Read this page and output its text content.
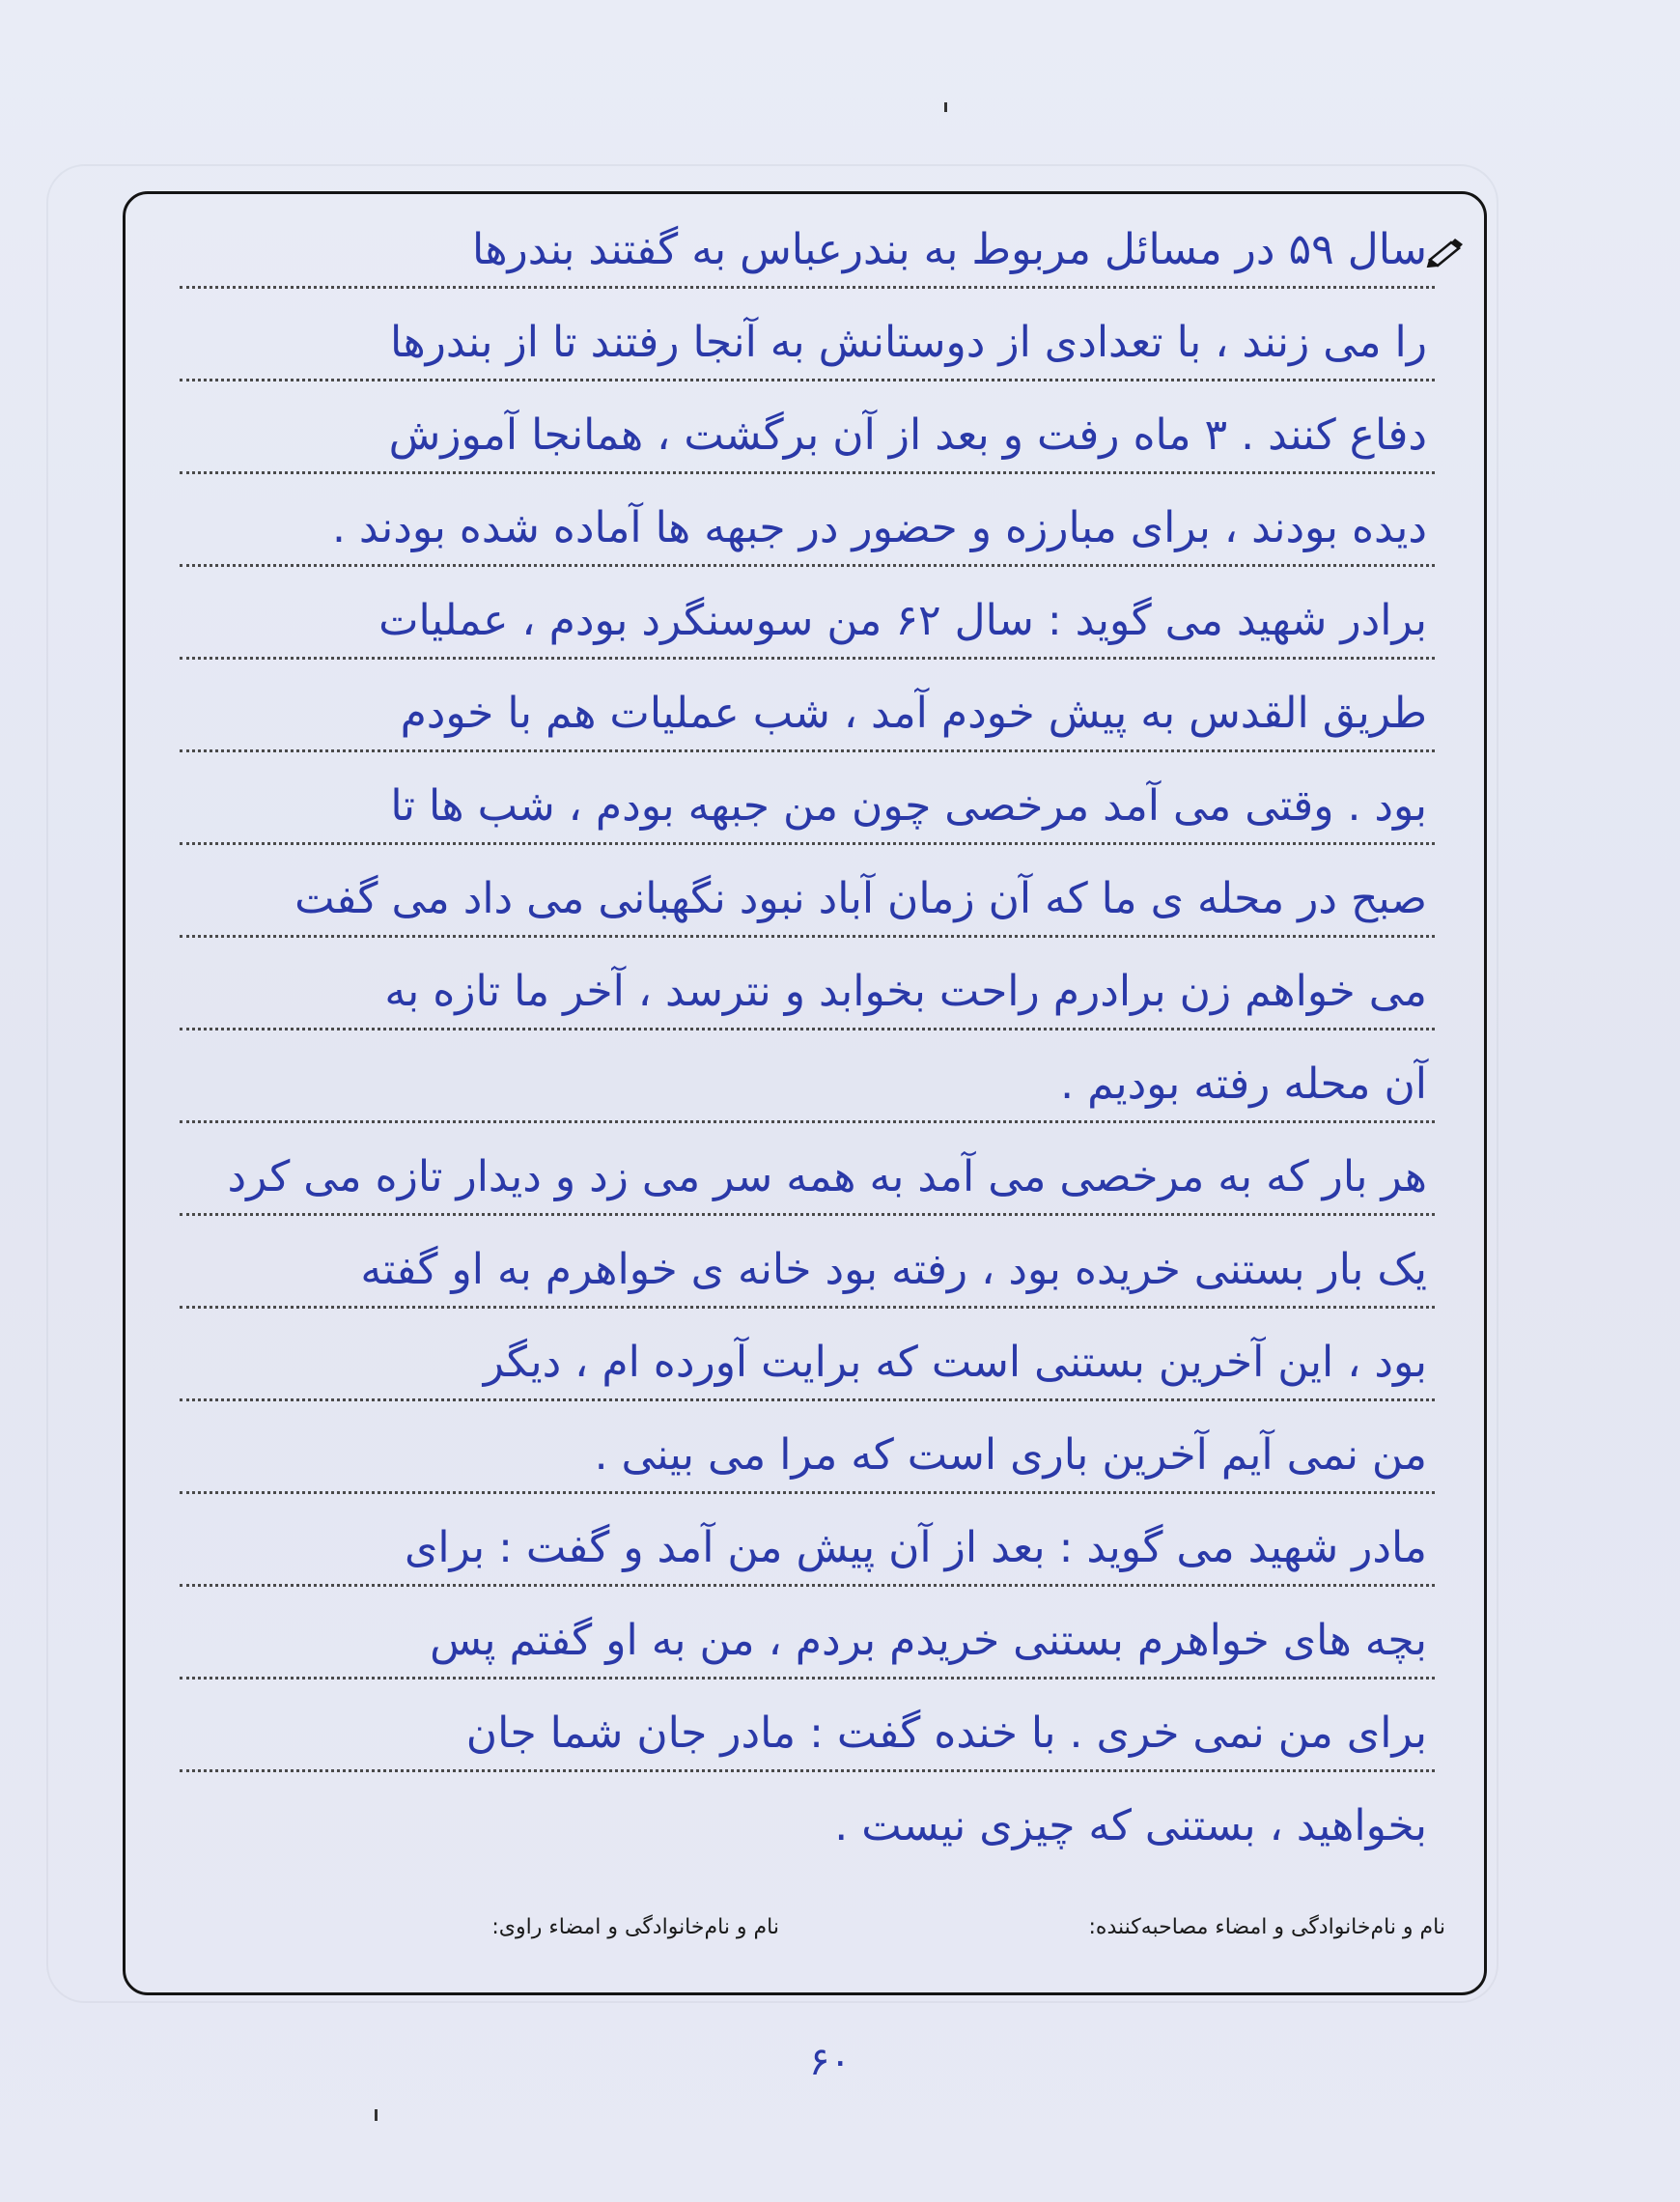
سال ۵۹ در مسائل مربوط به بندرعباس به گفتند بندرها
را می زنند ، با تعدادی از دوستانش به آنجا رفتند تا از بندرها
دفاع کنند . ۳ ماه رفت و بعد از آن برگشت ، همانجا آموزش
دیده بودند ، برای مبارزه و حضور در جبهه ها آماده شده بودند .
برادر شهید می گوید : سال ۶۲ من سوسنگرد بودم ، عملیات
طریق القدس به پیش خودم آمد ، شب عملیات هم با خودم
بود . وقتی می آمد مرخصی چون من جبهه بودم ، شب ها تا
صبح در محله ی ما که آن زمان آباد نبود نگهبانی می داد می گفت
می خواهم زن برادرم راحت بخوابد و نترسد ، آخر ما تازه به
آن محله رفته بودیم .
هر بار که به مرخصی می آمد به همه سر می زد و دیدار تازه می کرد
یک بار بستنی خریده بود ، رفته بود خانه ی خواهرم به او گفته
بود ، این آخرین بستنی است که برایت آورده ام ، دیگر
من نمی آیم آخرین باری است که مرا می بینی .
مادر شهید می گوید : بعد از آن پیش من آمد و گفت : برای
بچه های خواهرم بستنی خریدم بردم ، من به او گفتم پس
برای من نمی خری . با خنده گفت : مادر جان شما جان
بخواهید ، بستنی که چیزی نیست .
نام و نام‌خانوادگی و امضاء مصاحبه‌کننده:
نام و نام‌خانوادگی و امضاء راوی:
۶۰
